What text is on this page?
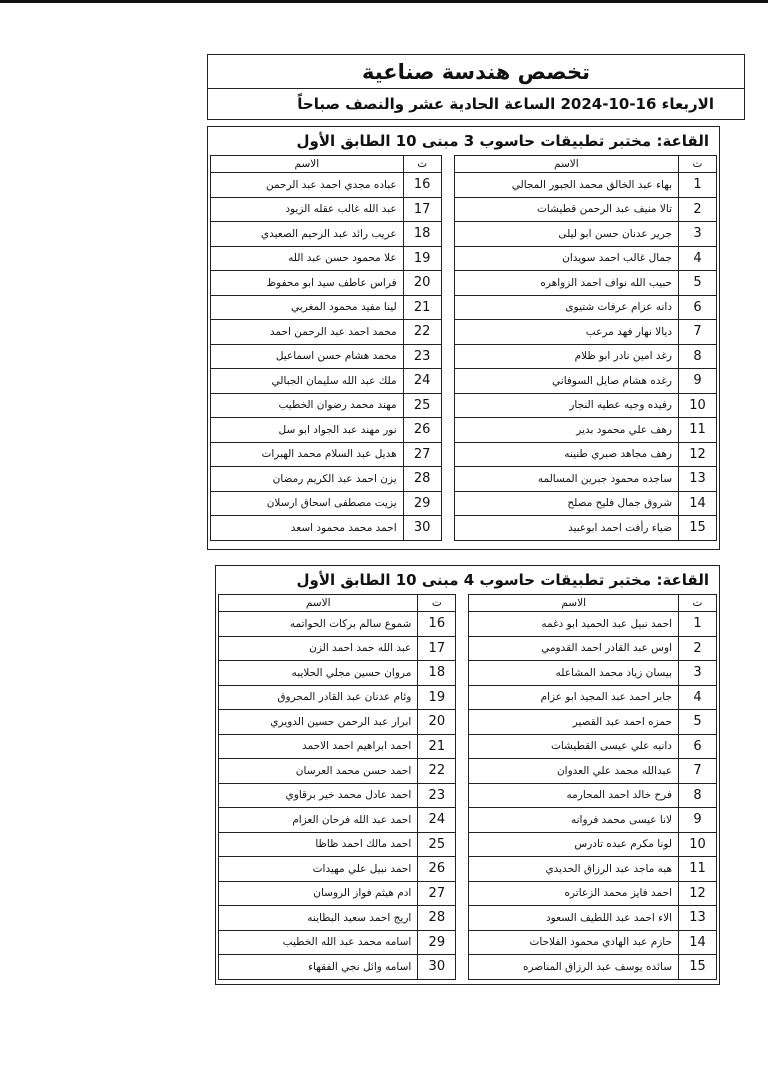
تخصص هندسة صناعية
الاربعاء 16-10-2024 الساعة الحادية عشر والنصف صباحاً
القاعة: مختبر تطبيقات حاسوب 3 مبنى 10 الطابق الأول
ت	الاسم		ت	الاسم
1	بهاء عبد الخالق محمد الجبور المجالي		16	عباده مجدي احمد عبد الرحمن
2	تالا منيف عبد الرحمن قطيشات		17	عبد الله غالب عقله الزيود
3	جرير عدنان حسن ابو ليلى		18	عريب رائد عبد الرحيم الصعيدي
4	جمال غالب احمد سويدان		19	علا محمود حسن عبد الله
5	حبيب الله نواف احمد الزواهره		20	فراس عاطف سيد ابو محفوظ
6	دانه عزام عرفات شتيوى		21	لينا مفيد محمود المغربي
7	ديالا نهار فهد مرعب		22	محمد احمد عبد الرحمن احمد
8	رغد امين نادر ابو ظلام		23	محمد هشام حسن اسماعيل
9	رغده هشام صايل السوفاني		24	ملك عبد الله سليمان الجبالي
10	رفيده وجيه عطيه النجار		25	مهند محمد رضوان الخطيب
11	رهف علي محمود بدير		26	نور مهند عبد الجواد ابو سل
12	رهف مجاهد صبري طنينه		27	هديل عبد السلام محمد الهبرات
13	ساجده محمود جبرين المسالمه		28	يزن احمد عبد الكريم رمضان
14	شروق جمال فليح مصلح		29	يزيت مصطفى اسحاق ارسلان
15	ضياء رأفت احمد ابوعبيد		30	احمد محمد محمود اسعد
القاعة: مختبر تطبيقات حاسوب 4 مبنى 10 الطابق الأول
ت	الاسم		ت	الاسم
1	احمد نبيل عبد الحميد ابو دغمه		16	شموع سالم بركات الحواتمه
2	اوس عبد القادر احمد القدومي		17	عبد الله حمد احمد الزن
3	بيسان زياد محمد المشاعله		18	مروان حسين مجلي الحلايبه
4	جابر احمد عبد المجيد ابو عزام		19	وئام عدنان عبد القادر المحروق
5	حمزه احمد عبد القصير		20	ابرار عبد الرحمن حسين الدويري
6	دانيه علي عيسى القطيشات		21	احمد ابراهيم احمد الاحمد
7	عبدالله محمد علي العدوان		22	احمد حسن محمد العرسان
8	فرح خالد احمد المحارمه		23	احمد عادل محمد خير برقاوي
9	لانا عيسى محمد فروانه		24	احمد عبد الله فرحان العزام
10	لونا مكرم عبده تادرس		25	احمد مالك احمد ظاظا
11	هبه ماجد عبد الرزاق الحديدي		26	احمد نبيل علي مهيدات
12	احمد فايز محمد الزعاتره		27	ادم هيثم فواز الروسان
13	الاء احمد عبد اللطيف السعود		28	اريج احمد سعيد البطاينه
14	حازم عبد الهادي محمود الفلاحات		29	اسامه محمد عبد الله الخطيب
15	سائده يوسف عبد الرزاق المناصره		30	اسامه وائل نجي الفقهاء
